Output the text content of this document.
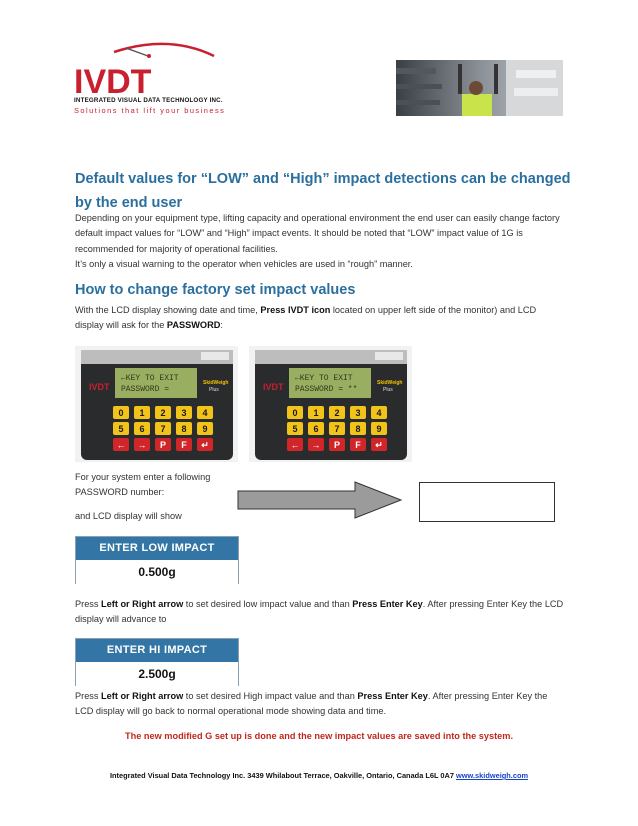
IVDT
INTEGRATED VISUAL DATA TECHNOLOGY INC.
Solutions that lift your business
Default values for “LOW” and “High” impact detections can be changed by the end user
Depending on your equipment type, lifting capacity and operational environment the end user can easily change factory default impact values for “LOW” and “High” impact events. It should be noted that “LOW” impact value of 1G is recommended for majority of operational facilities.
It’s only a visual warning to the operator when vehicles are used in “rough” manner.
How to change factory set impact values
With the LCD display showing date and time, Press IVDT icon located on upper left side of the monitor) and LCD display will ask for the PASSWORD:
←KEY TO EXIT
PASSWORD =
IVDT	SkidWeigh
Plus
0 1 2 3 4
5 6 7 8 9
← → P F ↵
←KEY TO EXIT
PASSWORD = **
IVDT	SkidWeigh
Plus
0 1 2 3 4
5 6 7 8 9
← → P F ↵
For your system enter a following PASSWORD number:
and LCD display will show
ENTER LOW IMPACT
0.500g
Press Left or Right arrow to set desired low impact value and than Press Enter Key. After pressing Enter Key the LCD display will advance to
ENTER HI IMPACT
2.500g
Press Left or Right arrow to set desired High impact value and than Press Enter Key. After pressing Enter Key the LCD display will go back to normal operational mode showing data and time.
The new modified G set up is done and the new impact values are saved into the system.
Integrated Visual Data Technology Inc. 3439 Whilabout Terrace, Oakville, Ontario, Canada L6L 0A7 www.skidweigh.com
